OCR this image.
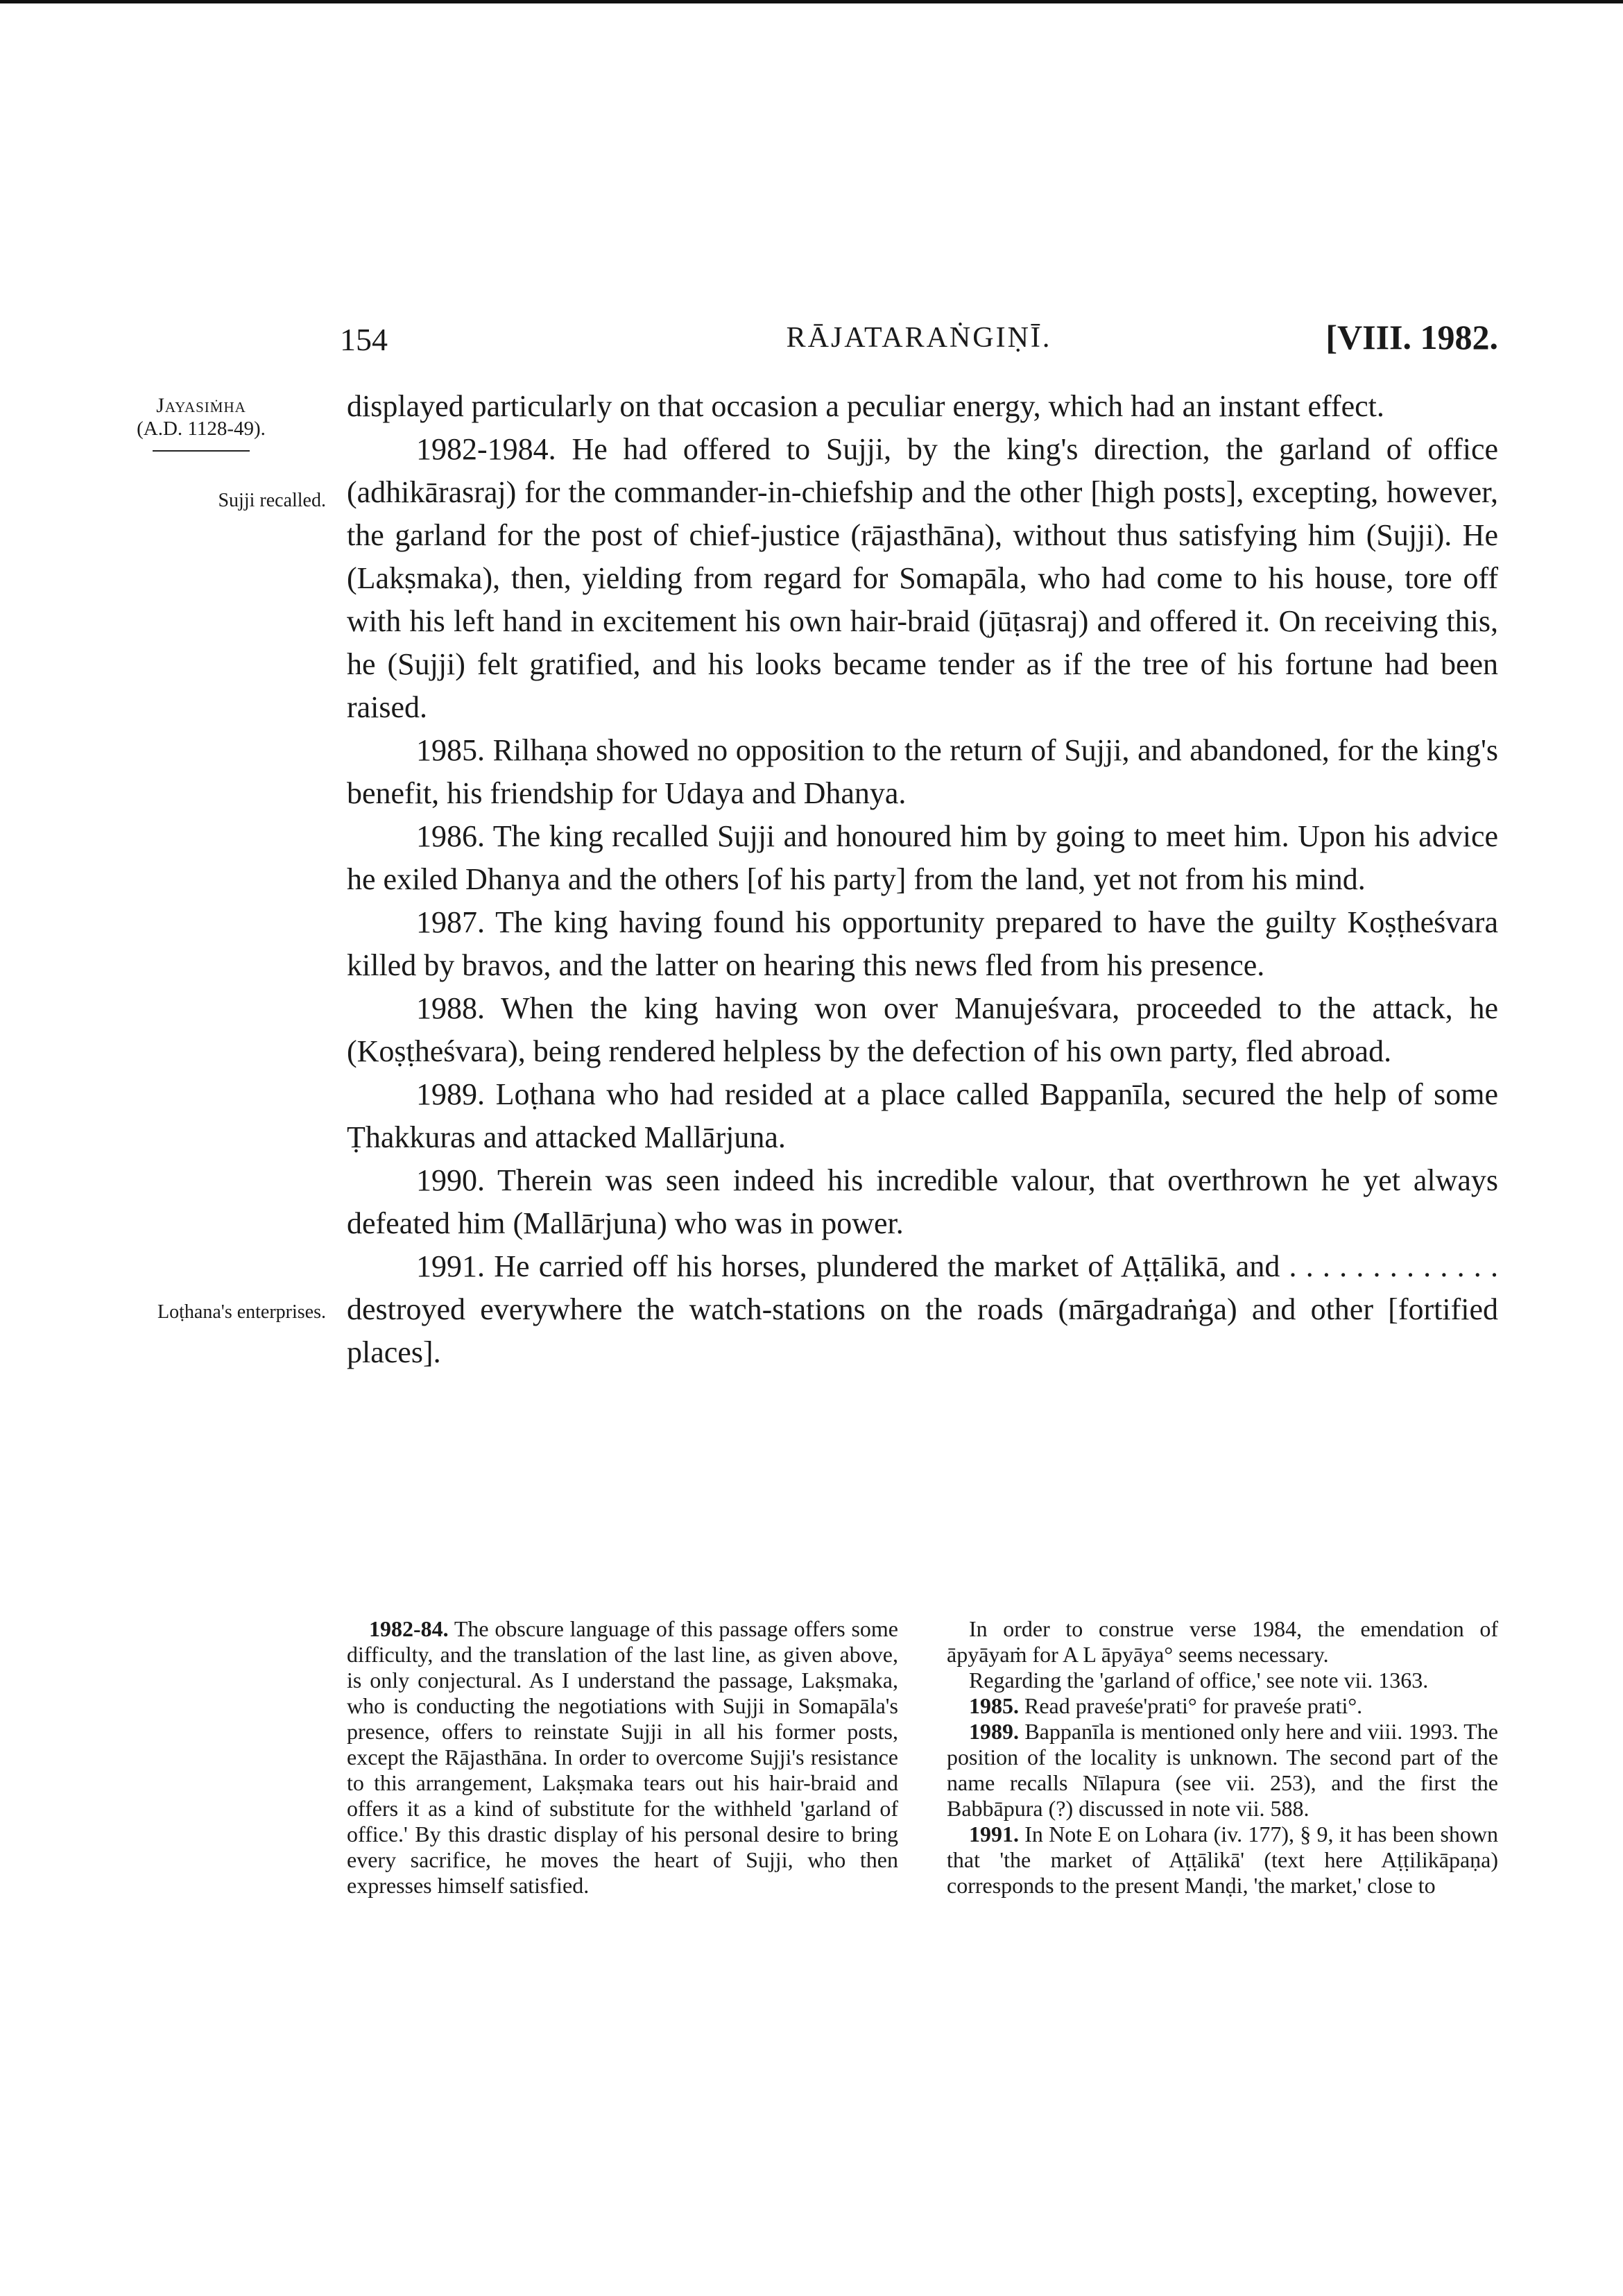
154	RĀJATARAṄGIṆĪ.	[VIII. 1982.
Jayasiṁha
(A.D. 1128-49).
Sujji recalled.
Loṭhana's enterprises.

displayed particularly on that occasion a peculiar energy, which had an instant effect.

1982-1984. He had offered to Sujji, by the king's direction, the garland of office (adhikārasraj) for the commander-in-chiefship and the other [high posts], excepting, however, the garland for the post of chief-justice (rājasthāna), without thus satisfying him (Sujji). He (Lakṣmaka), then, yielding from regard for Somapāla, who had come to his house, tore off with his left hand in excitement his own hair-braid (jūṭasraj) and offered it. On receiving this, he (Sujji) felt gratified, and his looks became tender as if the tree of his fortune had been raised.

1985. Rilhaṇa showed no opposition to the return of Sujji, and abandoned, for the king's benefit, his friendship for Udaya and Dhanya.

1986. The king recalled Sujji and honoured him by going to meet him. Upon his advice he exiled Dhanya and the others [of his party] from the land, yet not from his mind.

1987. The king having found his opportunity prepared to have the guilty Koṣṭheśvara killed by bravos, and the latter on hearing this news fled from his presence.

1988. When the king having won over Manujeśvara, proceeded to the attack, he (Koṣṭheśvara), being rendered helpless by the defection of his own party, fled abroad.

1989. Loṭhana who had resided at a place called Bappanīla, secured the help of some Ṭhakkuras and attacked Mallārjuna.

1990. Therein was seen indeed his incredible valour, that overthrown he yet always defeated him (Mallārjuna) who was in power.

1991. He carried off his horses, plundered the market of Aṭṭālikā, and . . . . . . . . . . . . . destroyed everywhere the watch-stations on the roads (mārgadraṅga) and other [fortified places].

1982-84. The obscure language of this passage offers some difficulty, and the translation of the last line, as given above, is only conjectural. As I understand the passage, Lakṣmaka, who is conducting the negotiations with Sujji in Somapāla's presence, offers to reinstate Sujji in all his former posts, except the Rājasthāna. In order to overcome Sujji's resistance to this arrangement, Lakṣmaka tears out his hair-braid and offers it as a kind of substitute for the withheld 'garland of office.' By this drastic display of his personal desire to bring every sacrifice, he moves the heart of Sujji, who then expresses himself satisfied.

In order to construe verse 1984, the emendation of āpyāyaṁ for A L āpyāya° seems necessary.

Regarding the 'garland of office,' see note vii. 1363.

1985. Read praveśe'prati° for praveśe prati°.

1989. Bappanīla is mentioned only here and viii. 1993. The position of the locality is unknown. The second part of the name recalls Nīlapura (see vii. 253), and the first the Babbāpura (?) discussed in note vii. 588.

1991. In Note E on Lohara (iv. 177), § 9, it has been shown that 'the market of Aṭṭālikā' (text here Aṭṭilikāpaṇa) corresponds to the present Manḍi, 'the market,' close to
